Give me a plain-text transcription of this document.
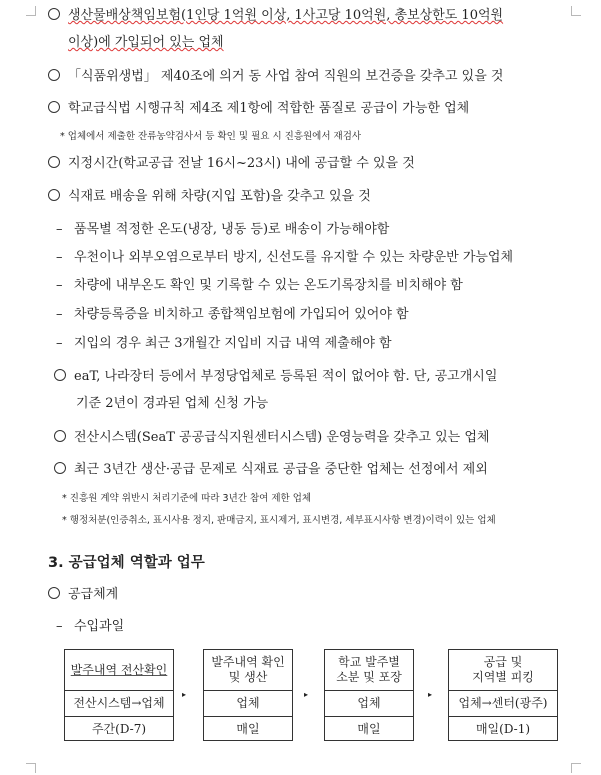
생산물배상책임보험(1인당 1억원 이상, 1사고당 10억원, 총보상한도 10억원
이상)에 가입되어 있는 업체
「식품위생법」 제40조에 의거 동 사업 참여 직원의 보건증을 갖추고 있을 것
학교급식법 시행규칙 제4조 제1항에 적합한 품질로 공급이 가능한 업체
* 업체에서 제출한 잔류농약검사서 등 확인 및 필요 시 진흥원에서 재검사
지정시간(학교공급 전날 16시~23시) 내에 공급할 수 있을 것
식재료 배송을 위해 차량(지입 포함)을 갖추고 있을 것
– 품목별 적정한 온도(냉장, 냉동 등)로 배송이 가능해야함
– 우천이나 외부오염으로부터 방지, 신선도를 유지할 수 있는 차량운반 가능업체
– 차량에 내부온도 확인 및 기록할 수 있는 온도기록장치를 비치해야 함
– 차량등록증을 비치하고 종합책임보험에 가입되어 있어야 함
– 지입의 경우 최근 3개월간 지입비 지급 내역 제출해야 함
eaT, 나라장터 등에서 부정당업체로 등록된 적이 없어야 함. 단, 공고개시일
기준 2년이 경과된 업체 신청 가능
전산시스템(SeaT 공공급식지원센터시스템) 운영능력을 갖추고 있는 업체
최근 3년간 생산·공급 문제로 식재료 공급을 중단한 업체는 선정에서 제외
* 진흥원 계약 위반시 처리기준에 따라 3년간 참여 제한 업체
* 행정처분(인증취소, 표시사용 정지, 판매금지, 표시제거, 표시변경, 세부표시사항 변경)이력이 있는 업체
3. 공급업체 역할과 업무
공급체계
– 수입과일
발주내역 전산확인
전산시스템→업체
주간(D-7)
▸
발주내역 확인
및 생산
업체
매일
▸
학교 발주별
소분 및 포장
업체
매일
▸
공급 및
지역별 피킹
업체→센터(광주)
매일(D-1)
